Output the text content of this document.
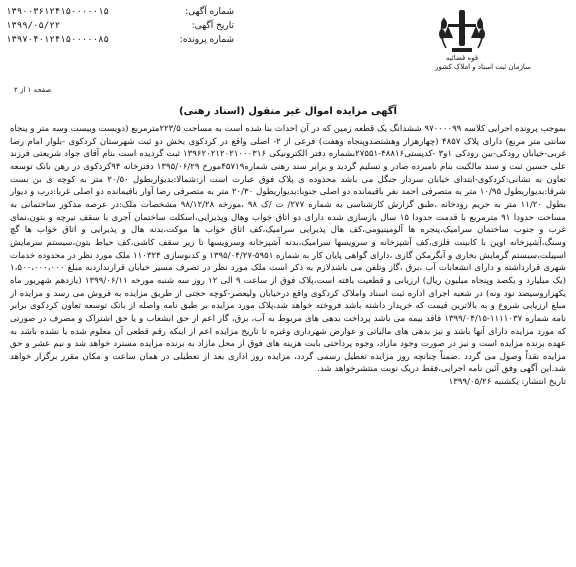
شماره آگهی:
۱۳۹۰۰۳۶۱۲۴۱۵۰۰۰۰۰۱۵
تاریخ آگهی:
۱۳۹۹/۰۵/۲۲
شماره پرونده:
۱۳۹۷۰۴۰۱۲۴۱۵۰۰۰۰۰۸۵
قوه قضائیه
سازمان ثبت اسناد و املاک کشور
صفحه ۱ از ۲
آگهی مزایده اموال غیر منقول (اسناد رهنی)

بموجب پرونده اجرایی کلاسه ۹۷۰۰۰۰۹۹ ششدانگ یک قطعه زمین که در آن احداث بنا شده است به مساحت ۲۲۳/۵مترمربع (دویست وبیست وسه متر و پنجاه سانتی متر مربع) دارای پلاک ۴۸۵۷ (چهارهزار وهشتصدوپنجاه وهفت) فرعی از ۲- اصلی واقع در کردکوی بخش دو ثبت شهرستان کردکوی -بلوار امام رضا غربی-خیابان رودکی-بین رودکی ۱و۳ -کدپستی۴۸۸۱۶-۲۷۵۵۱بشماره دفتر الکترونیکی ۱۳۹۶۲۰۲۱۲۰۲۱۰۰۰۳۱۶ ثبت گردیده است بنام آقای جواد شریعتی فرزند علی حسین ثبت و سند مالکیت بنام نامبرده صادر و تسلیم گردید و برابر سند رهنی شماره۴۵۷۱۹مورخ ۱۳۹۵/۰۶/۲۹ دفترخانه ۹۴کردکوی در رهن بانک توسعه تعاون به نشانی:کردکوی-ابتدای خیابان سردار جنگل می باشد محدوده ی پلاک فوق عبارت است از:شمالا:بدیواربطول ۲۰/۵۰ متر به کوچه ی بن بست شرقا:بدیواربطول ۱۰/۹۵ متر به متصرفی احمد نفر باقیمانده دو اصلی جنوبا:بدیواربطول ۲۰/۳۰ متر به متصرفی رضا آوار باقیمانده دو اصلی غربا:درب و دیوار بطول ۱۱/۲۰ متر به حریم رودخانه ،طبق گزارش کارشناسی به شماره ۲۷۷/ ت /ک ۹۸ ،مورخه ۹۸/۱۲/۲۸ مشخصات ملک:در عرصه مذکور ساختمانی به مساحت حدودا ۹۱ مترمربع با قدمت حدودا ۱۵ سال بازسازی شده دارای دو اتاق خواب وهال وپذیرایی،اسکلت ساختمان آجری با سقف تیرچه و بتون،نمای غرب و جنوب ساختمان سرامیک،پنجره ها آلومینیومی،کف هال پذیرایی سرامیک،کف اتاق خواب ها موکت،بدنه هال و پذیرایی و اتاق خواب ها گچ وسنگ،آشپزخانه اوپن با کابینت فلزی،کف آشپزخانه و سرویسها سرامیک،بدنه آشپزخانه وسرویسها تا زیر سقف کاشی،کف حیاط بتون،سیستم سرمایش اسپیلت،سیستم گرمایش بخاری و آبگرمکن گازی ،دارای گواهی پایان کار به شماره ۵۹۵۱-۱۳۹۵/۰۴/۲۷ و کدنوسازی ۱۱۰۳۲۴ ملک مورد نظر در محدوده خدمات شهری قرارداشته و دارای انشعابات آب ،برق ،گاز وتلفن می باشدلازم به ذکر است ملک مورد نظر در تصرف مسیر خیابان قرارنداردبه مبلغ ۱،۵۰۰،۰۰۰،۰۰۰ (یک میلیارد و یکصد وپنجاه میلیون ریال) ارزیابی و قطعیت یافته است،پلاک فوق از ساعت ۹ الی ۱۲ روز سه شنبه مورخه ۱۳۹۹/۰۶/۱۱ (یازدهم شهریور ماه یکهزاروسیصد نود ونه) در شعبه اجرای اداره ثبت اسناد واملاک کردکوی واقع درخیابان ولیعصر-کوچه حجتی از طریق مزایده به فروش می رسد و مزایده از مبلغ ارزیابی شروع و به بالاترین قیمت که خریدار داشته باشد فروخته خواهد شد،پلاک مورد مزایده بر طبق نامه واصله از بانک توسعه تعاون کردکوی برابر نامه شماره ۱۱۱۱۰۳۷-۱۳۹۹/۰۴/۱۵ فاقد بیمه می باشد پرداخت بدهی های مربوط به آب، برق، گاز اعم از حق انشعاب و یا حق اشتراک و مصرف در صورتی که مورد مزایده دارای آنها باشد و نیز بدهی های مالیاتی و عوارض شهرداری وغیره تا تاریخ مزایده اعم از اینکه رقم قطعی آن معلوم شده یا نشده باشد به عهده برنده مزایده است و نیز در صورت وجود مازاد، وجوه پرداختی بابت هزینه های فوق از محل مازاد به برنده مزایده مسترد خواهد شد و نیم عشر و حق مزایده نقداً وصول می گردد .ضمناً چنانچه روز مزایده تعطیل رسمی گردد، مزایده روز اداری بعد از تعطیلی در همان ساعت و مکان مقرر برگزار خواهد شد.این آگهی وفق آئین نامه اجرایی،فقط دریک نوبت منتشرخواهد شد.

تاریخ انتشار: یکشنبه ۱۳۹۹/۰۵/۲۶
